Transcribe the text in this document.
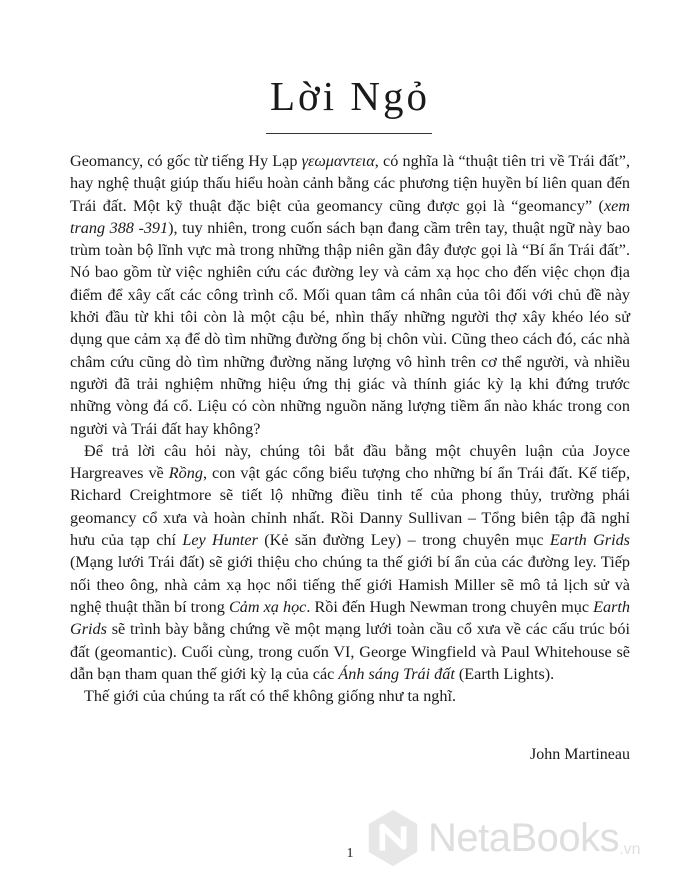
Lời Ngỏ

Geomancy, có gốc từ tiếng Hy Lạp γεωμαντεια, có nghĩa là “thuật tiên tri về Trái đất”, hay nghệ thuật giúp thấu hiểu hoàn cảnh bằng các phương tiện huyền bí liên quan đến Trái đất. Một kỹ thuật đặc biệt của geomancy cũng được gọi là “geomancy” (xem trang 388 -391), tuy nhiên, trong cuốn sách bạn đang cầm trên tay, thuật ngữ này bao trùm toàn bộ lĩnh vực mà trong những thập niên gần đây được gọi là “Bí ẩn Trái đất”. Nó bao gồm từ việc nghiên cứu các đường ley và cảm xạ học cho đến việc chọn địa điểm để xây cất các công trình cổ. Mối quan tâm cá nhân của tôi đối với chủ đề này khởi đầu từ khi tôi còn là một cậu bé, nhìn thấy những người thợ xây khéo léo sử dụng que cảm xạ để dò tìm những đường ống bị chôn vùi. Cũng theo cách đó, các nhà châm cứu cũng dò tìm những đường năng lượng vô hình trên cơ thể người, và nhiều người đã trải nghiệm những hiệu ứng thị giác và thính giác kỳ lạ khi đứng trước những vòng đá cổ. Liệu có còn những nguồn năng lượng tiềm ẩn nào khác trong con người và Trái đất hay không?

Để trả lời câu hỏi này, chúng tôi bắt đầu bằng một chuyên luận của Joyce Hargreaves về Rồng, con vật gác cổng biểu tượng cho những bí ẩn Trái đất. Kế tiếp, Richard Creightmore sẽ tiết lộ những điều tinh tế của phong thủy, trường phái geomancy cổ xưa và hoàn chỉnh nhất. Rồi Danny Sullivan – Tổng biên tập đã nghỉ hưu của tạp chí Ley Hunter (Kẻ săn đường Ley) – trong chuyên mục Earth Grids (Mạng lưới Trái đất) sẽ giới thiệu cho chúng ta thế giới bí ẩn của các đường ley. Tiếp nối theo ông, nhà cảm xạ học nổi tiếng thế giới Hamish Miller sẽ mô tả lịch sử và nghệ thuật thần bí trong Cảm xạ học. Rồi đến Hugh Newman trong chuyên mục Earth Grids sẽ trình bày bằng chứng về một mạng lưới toàn cầu cổ xưa về các cấu trúc bói đất (geomantic). Cuối cùng, trong cuốn VI, George Wingfield và Paul Whitehouse sẽ dẫn bạn tham quan thế giới kỳ lạ của các Ánh sáng Trái đất (Earth Lights).

Thế giới của chúng ta rất có thể không giống như ta nghĩ.

John Martineau
1	NetaBooks .vn
